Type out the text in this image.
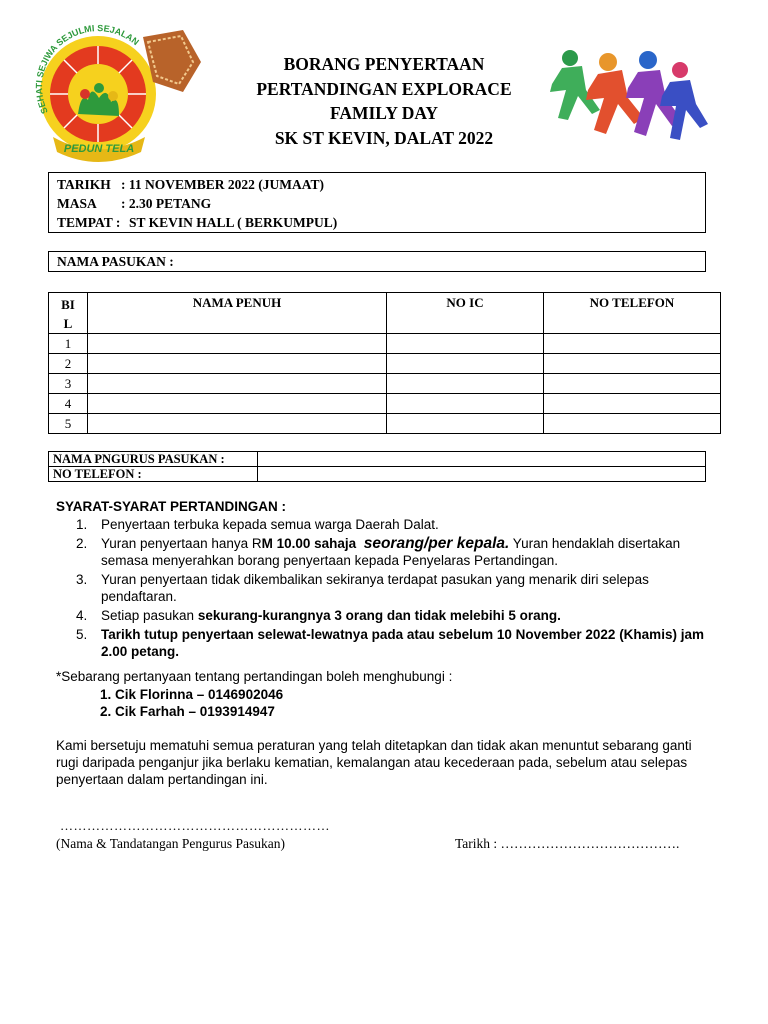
PEDUN TELA
SEHATI SEJIWA SEJULMI SEJALAN
BORANG PENYERTAAN
PERTANDINGAN EXPLORACE
FAMILY DAY
SK ST KEVIN, DALAT 2022
TARIKH : 11 NOVEMBER 2022 (JUMAAT)
MASA : 2.30 PETANG
TEMPAT : ST KEVIN HALL ( BERKUMPUL)
NAMA PASUKAN :
BI L	NAMA PENUH	NO IC	NO TELEFON
1			
2			
3			
4			
5			
NAMA PNGURUS PASUKAN :	
NO TELEFON :	
SYARAT-SYARAT PERTANDINGAN :
1. Penyertaan terbuka kepada semua warga Daerah Dalat.
2. Yuran penyertaan hanya RM 10.00 sahaja seorang/per kepala. Yuran hendaklah disertakan semasa menyerahkan borang penyertaan kepada Penyelaras Pertandingan.
3. Yuran penyertaan tidak dikembalikan sekiranya terdapat pasukan yang menarik diri selepas pendaftaran.
4. Setiap pasukan sekurang-kurangnya 3 orang dan tidak melebihi 5 orang.
5. Tarikh tutup penyertaan selewat-lewatnya pada atau sebelum 10 November 2022 (Khamis) jam 2.00 petang.
*Sebarang pertanyaan tentang pertandingan boleh menghubungi :
1. Cik Florinna – 0146902046
2. Cik Farhah – 0193914947
Kami bersetuju mematuhi semua peraturan yang telah ditetapkan dan tidak akan menuntut sebarang ganti rugi daripada penganjur jika berlaku kematian, kemalangan atau kecederaan pada, sebelum atau selepas penyertaan dalam pertandingan ini.
……………………………………………………
(Nama & Tandatangan Pengurus Pasukan)	Tarikh : ………………………………….
